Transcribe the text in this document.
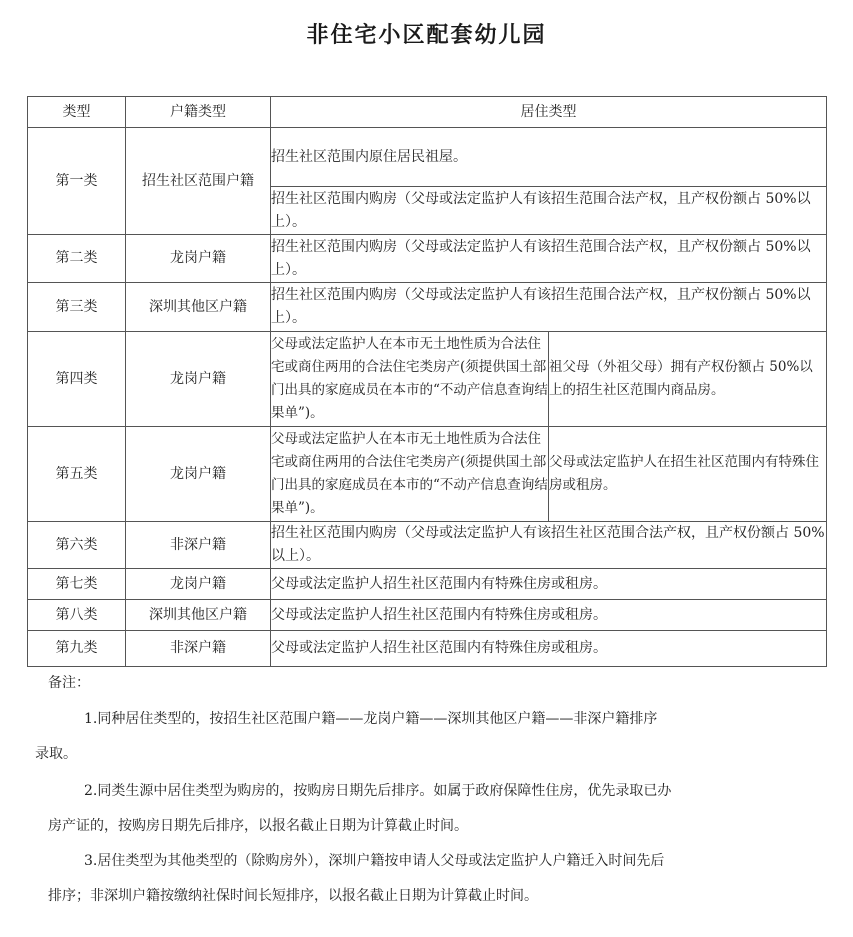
非住宅小区配套幼儿园
类型	户籍类型	居住类型	
第一类	招生社区范围户籍	招生社区范围内原住居民祖屋。	
		招生社区范围内购房（父母或法定监护人有该招生范围合法产权，且产权份额占 50%以上）。	
第二类	龙岗户籍	招生社区范围内购房（父母或法定监护人有该招生范围合法产权，且产权份额占 50%以上）。	
第三类	深圳其他区户籍	招生社区范围内购房（父母或法定监护人有该招生范围合法产权，且产权份额占 50%以上）。	
第四类	龙岗户籍	父母或法定监护人在本市无土地性质为合法住宅或商住两用的合法住宅类房产(须提供国土部门出具的家庭成员在本市的“不动产信息查询结果单”)。	祖父母（外祖父母）拥有产权份额占 50%以上的招生社区范围内商品房。
第五类	龙岗户籍	父母或法定监护人在本市无土地性质为合法住宅或商住两用的合法住宅类房产(须提供国土部门出具的家庭成员在本市的“不动产信息查询结果单”)。	父母或法定监护人在招生社区范围内有特殊住房或租房。
第六类	非深户籍	招生社区范围内购房（父母或法定监护人有该招生社区范围合法产权，且产权份额占 50%以上）。	
第七类	龙岗户籍	父母或法定监护人招生社区范围内有特殊住房或租房。	
第八类	深圳其他区户籍	父母或法定监护人招生社区范围内有特殊住房或租房。	
第九类	非深户籍	父母或法定监护人招生社区范围内有特殊住房或租房。	
备注：
1.同种居住类型的，按招生社区范围户籍——龙岗户籍——深圳其他区户籍——非深户籍排序
录取。
2.同类生源中居住类型为购房的，按购房日期先后排序。如属于政府保障性住房，优先录取已办
房产证的，按购房日期先后排序，以报名截止日期为计算截止时间。
3.居住类型为其他类型的（除购房外），深圳户籍按申请人父母或法定监护人户籍迁入时间先后
排序；非深圳户籍按缴纳社保时间长短排序，以报名截止日期为计算截止时间。
